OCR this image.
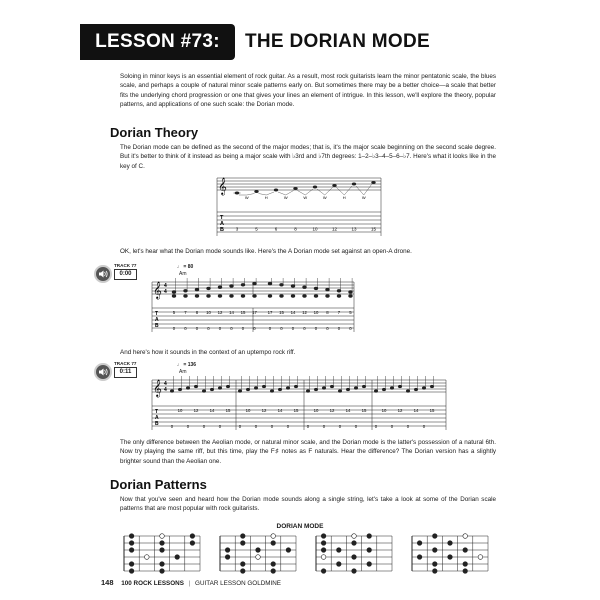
LESSON #73:	THE DORIAN MODE

Soloing in minor keys is an essential element of rock guitar. As a result, most rock guitarists learn the minor pentatonic scale, the blues scale, and perhaps a couple of natural minor scale patterns early on. But sometimes there may be a better choice—a scale that better fits the underlying chord progression or one that gives your lines an element of intrigue. In this lesson, we'll explore the theory, popular patterns, and applications of one such scale: the Dorian mode.

Dorian Theory

The Dorian mode can be defined as the second of the major modes; that is, it's the major scale beginning on the second scale degree. But it's better to think of it instead as being a major scale with ♭3rd and ♭7th degrees: 1–2–♭3–4–5–6–♭7. Here's what it looks like in the key of C.

𝄞
T
A
B
W	H	W	W	W	H	W
3	5	6	8	10	12	13	15

OK, let's hear what the Dorian mode sounds like. Here's the A Dorian mode set against an open-A drone.

TRACK 77
0:00
♩ = 80
Am
𝄞 4
4
T
A
B
5
0
7
0
8
0
10
0
12
0
14
0
15
0
17
0
17
0
15
0
14
0
12
0
10
0
8
0
7
0
5
0

And here's how it sounds in the context of an uptempo rock riff.

TRACK 77
0:11
♩ = 136
Am
𝄞 4
4
T
A
B	0
10
0
12
0
14
0
15
0
10
0
12
0
14
0
15
0
10
0
12
0
14
0
15
0
10
0
12
0
14
0
15

The only difference between the Aeolian mode, or natural minor scale, and the Dorian mode is the latter's possession of a natural 6th. Now try playing the same riff, but this time, play the F♯ notes as F naturals. Hear the difference? The Dorian version has a slightly brighter sound than the Aeolian one.

Dorian Patterns

Now that you've seen and heard how the Dorian mode sounds along a single string, let's take a look at some of the Dorian scale patterns that are most popular with rock guitarists.

DORIAN MODE
148 100 ROCK LESSONS | GUITAR LESSON GOLDMINE
